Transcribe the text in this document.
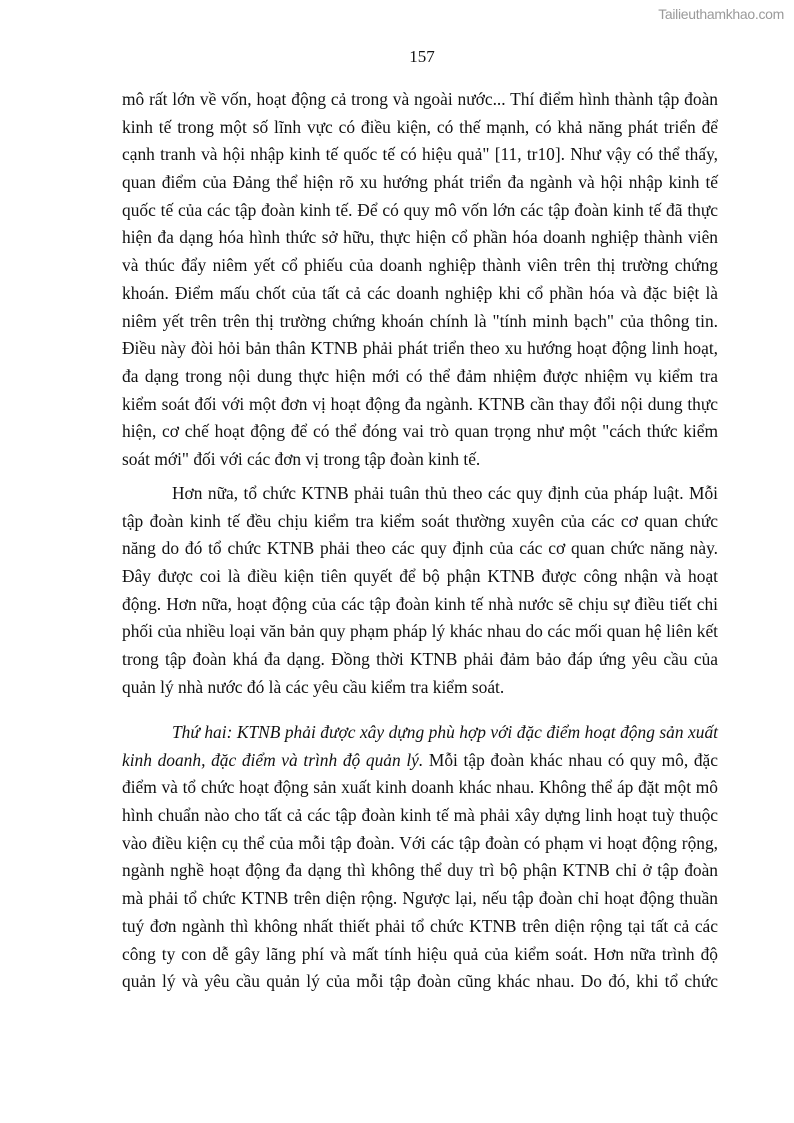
Tailieuthamkhao.com
157
mô rất lớn về vốn, hoạt động cả trong và ngoài nước... Thí điểm hình thành tập đoàn
kinh tế trong một số lĩnh vực có điều kiện, có thế mạnh, có khả năng phát triển để
cạnh tranh và hội nhập kinh tế quốc tế có hiệu quả" [11, tr10]. Như vậy có thể thấy,
quan điểm của Đảng thể hiện rõ xu hướng phát triển đa ngành và hội nhập kinh tế
quốc tế của các tập đoàn kinh tế. Để có quy mô vốn lớn các tập đoàn kinh tế đã thực
hiện đa dạng hóa hình thức sở hữu, thực hiện cổ phần hóa doanh nghiệp thành viên
và thúc đẩy niêm yết cổ phiếu của doanh nghiệp thành viên trên thị trường chứng
khoán. Điểm mấu chốt của tất cả các doanh nghiệp khi cổ phần hóa và đặc biệt là
niêm yết trên trên thị trường chứng khoán chính là "tính minh bạch" của thông tin.
Điều này đòi hỏi bản thân KTNB phải phát triển theo xu hướng hoạt động linh hoạt,
đa dạng trong nội dung thực hiện mới có thể đảm nhiệm được nhiệm vụ kiểm tra
kiểm soát đối với một đơn vị hoạt động đa ngành. KTNB cần thay đổi nội dung thực
hiện, cơ chế hoạt động để có thể đóng vai trò quan trọng như một "cách thức kiểm
soát mới" đối với các đơn vị trong tập đoàn kinh tế.
Hơn nữa, tổ chức KTNB phải tuân thủ theo các quy định của pháp luật. Mỗi
tập đoàn kinh tế đều chịu kiểm tra kiểm soát thường xuyên của các cơ quan chức
năng do đó tổ chức KTNB phải theo các quy định của các cơ quan chức năng này.
Đây được coi là điều kiện tiên quyết để bộ phận KTNB được công nhận và hoạt
động. Hơn nữa, hoạt động của các tập đoàn kinh tế nhà nước sẽ chịu sự điều tiết chi
phối của nhiều loại văn bản quy phạm pháp lý khác nhau do các mối quan hệ liên kết
trong tập đoàn khá đa dạng. Đồng thời KTNB phải đảm bảo đáp ứng yêu cầu của
quản lý nhà nước đó là các yêu cầu kiểm tra kiểm soát.
Thứ hai: KTNB phải được xây dựng phù hợp với đặc điểm hoạt động sản xuất
kinh doanh, đặc điểm và trình độ quản lý. Mỗi tập đoàn khác nhau có quy mô, đặc
điểm và tổ chức hoạt động sản xuất kinh doanh khác nhau. Không thể áp đặt một mô
hình chuẩn nào cho tất cả các tập đoàn kinh tế mà phải xây dựng linh hoạt tuỳ thuộc
vào điều kiện cụ thể của mỗi tập đoàn. Với các tập đoàn có phạm vi hoạt động rộng,
ngành nghề hoạt động đa dạng thì không thể duy trì bộ phận KTNB chỉ ở tập đoàn
mà phải tổ chức KTNB trên diện rộng. Ngược lại, nếu tập đoàn chỉ hoạt động thuần
tuý đơn ngành thì không nhất thiết phải tổ chức KTNB trên diện rộng tại tất cả các
công ty con dễ gây lãng phí và mất tính hiệu quả của kiểm soát. Hơn nữa trình độ
quản lý và yêu cầu quản lý của mỗi tập đoàn cũng khác nhau. Do đó, khi tổ chức
